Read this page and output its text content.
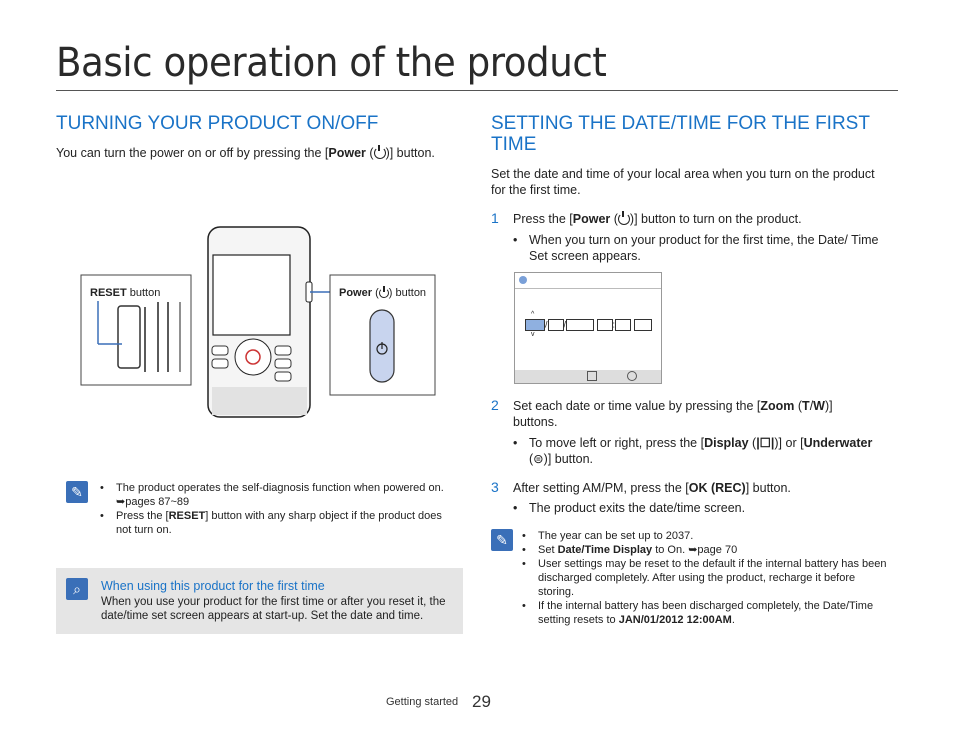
Basic operation of the product
TURNING YOUR PRODUCT ON/OFF

You can turn the power on or off by pressing the [Power ( )] button.

RESET button	Power ( ) button
✎	• The product operates the self-diagnosis function when powered on. ➥pages 87~89
• Press the [RESET] button with any sharp object if the product does not turn on.
⌕	When using this product for the first time
When you use your product for the first time or after you reset it, the date/time set screen appears at start-up. Set the date and time.
SETTING THE DATE/TIME FOR THE FIRST TIME

Set the date and time of your local area when you turn on the product for the first time.

1 Press the [Power ( )] button to turn on the product.

• When you turn on your product for the first time, the Date/ Time Set screen appears.
/ /	:
^
v
2 Set each date or time value by pressing the [Zoom (T/W)] buttons.

• To move left or right, press the [Display (|☐|)] or [Underwater (⊜)] button.
3 After setting AM/PM, press the [OK (REC)] button.

• The product exits the date/time screen.
✎	• The year can be set up to 2037.
• Set Date/Time Display to On. ➥page 70
• User settings may be reset to the default if the internal battery has been discharged completely. After using the product, recharge it before storing.
• If the internal battery has been discharged completely, the Date/Time setting resets to JAN/01/2012 12:00AM.
Getting started 29
